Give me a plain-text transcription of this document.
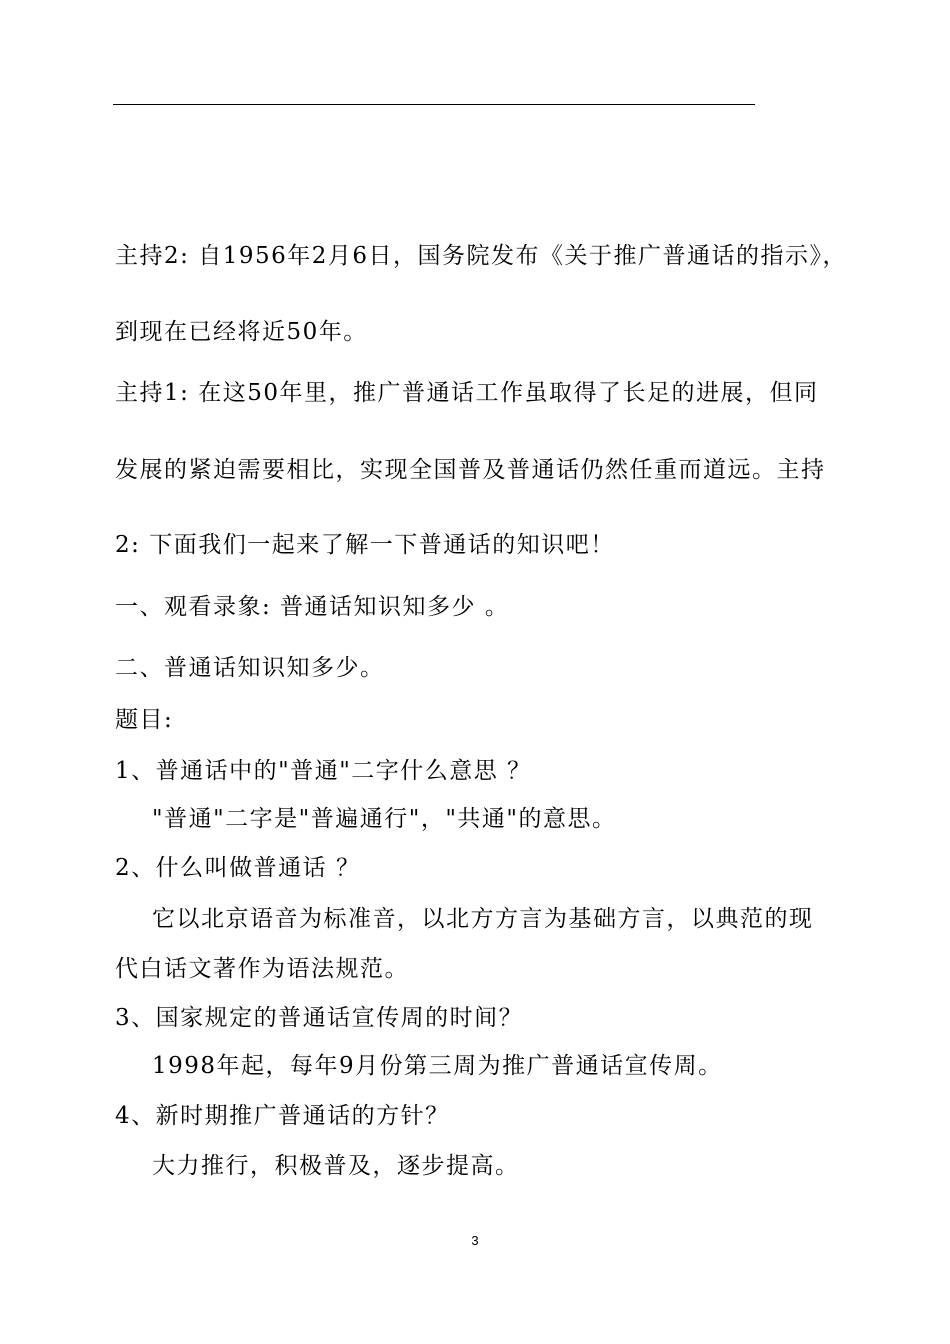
主持2: 自1956年2月6日，国务院发布《关于推广普通话的指示》，
到现在已经将近50年。
主持1: 在这50年里，推广普通话工作虽取得了长足的进展，但同
发展的紧迫需要相比，实现全国普及普通话仍然任重而道远。主持
2: 下面我们一起来了解一下普通话的知识吧！
一、观看录象: 普通话知识知多少 。
二、普通话知识知多少。
题目:
1、普通话中的"普通"二字什么意思 ？
"普通"二字是"普遍通行"，"共通"的意思。
2、什么叫做普通话 ？
它以北京语音为标准音，以北方方言为基础方言，以典范的现
代白话文著作为语法规范。
3、国家规定的普通话宣传周的时间？
1998年起，每年9月份第三周为推广普通话宣传周。
4、新时期推广普通话的方针？
大力推行，积极普及，逐步提高。
3
